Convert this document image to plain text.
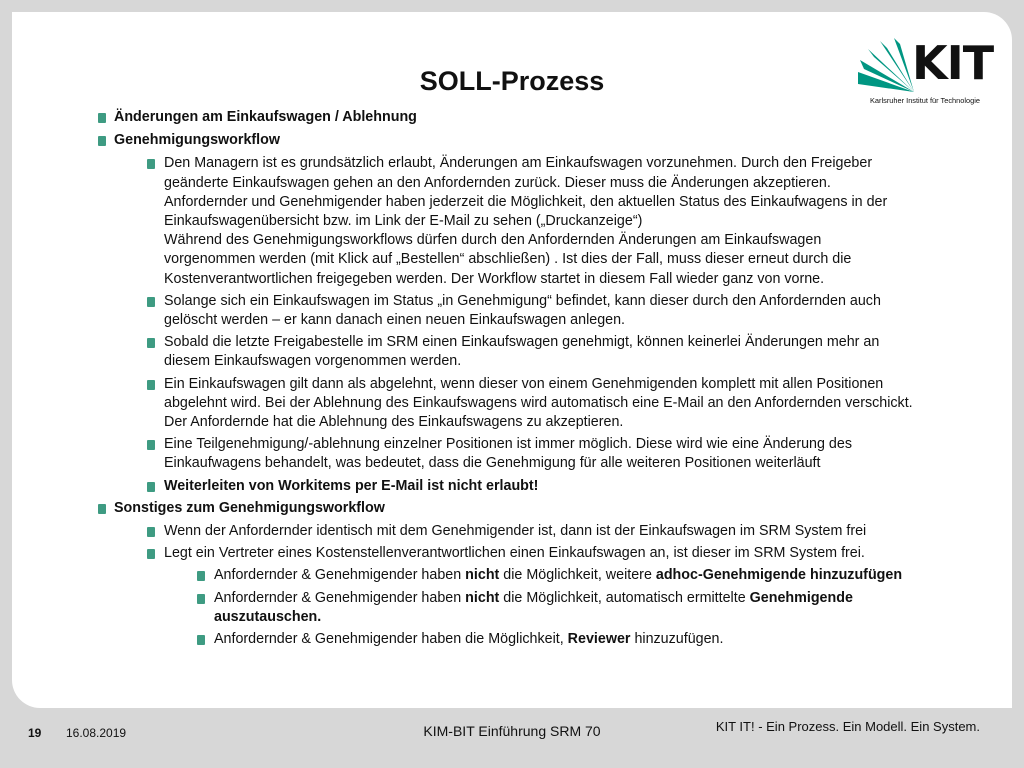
SOLL-Prozess	KIT
Karlsruher Institut für Technologie
Änderungen am Einkaufswagen / Ablehnung
Genehmigungsworkflow
Den Managern ist es grundsätzlich erlaubt, Änderungen am Einkaufswagen vorzunehmen. Durch den Freigeber
geänderte Einkaufswagen gehen an den Anfordernden zurück. Dieser muss die Änderungen akzeptieren.
Anfordernder und Genehmigender haben jederzeit die Möglichkeit, den aktuellen Status des Einkaufwagens in der
Einkaufswagenübersicht bzw. im Link der E-Mail zu sehen („Druckanzeige“)
Während des Genehmigungsworkflows dürfen durch den Anfordernden Änderungen am Einkaufswagen
vorgenommen werden (mit Klick auf „Bestellen“ abschließen) . Ist dies der Fall, muss dieser erneut durch die
Kostenverantwortlichen freigegeben werden. Der Workflow startet in diesem Fall wieder ganz von vorne.
Solange sich ein Einkaufswagen im Status „in Genehmigung“ befindet, kann dieser durch den Anfordernden auch
gelöscht werden – er kann danach einen neuen Einkaufswagen anlegen.
Sobald die letzte Freigabestelle im SRM einen Einkaufswagen genehmigt, können keinerlei Änderungen mehr an
diesem Einkaufswagen vorgenommen werden.
Ein Einkaufswagen gilt dann als abgelehnt, wenn dieser von einem Genehmigenden komplett mit allen Positionen
abgelehnt wird. Bei der Ablehnung des Einkaufswagens wird automatisch eine E-Mail an den Anfordernden verschickt.
Der Anfordernde hat die Ablehnung des Einkaufswagens zu akzeptieren.
Eine Teilgenehmigung/-ablehnung einzelner Positionen ist immer möglich. Diese wird wie eine Änderung des
Einkaufwagens behandelt, was bedeutet, dass die Genehmigung für alle weiteren Positionen weiterläuft
Weiterleiten von Workitems per E-Mail ist nicht erlaubt!
Sonstiges zum Genehmigungsworkflow
Wenn der Anfordernder identisch mit dem Genehmigender ist, dann ist der Einkaufswagen im SRM System frei
Legt ein Vertreter eines Kostenstellenverantwortlichen einen Einkaufswagen an, ist dieser im SRM System frei.
Anfordernder & Genehmigender haben nicht die Möglichkeit, weitere adhoc-Genehmigende hinzuzufügen
Anfordernder & Genehmigender haben nicht die Möglichkeit, automatisch ermittelte Genehmigende
auszutauschen.
Anfordernder & Genehmigender haben die Möglichkeit, Reviewer hinzuzufügen.
19 16.08.2019	KIM-BIT Einführung SRM 70	KIT IT! - Ein Prozess. Ein Modell. Ein System.
